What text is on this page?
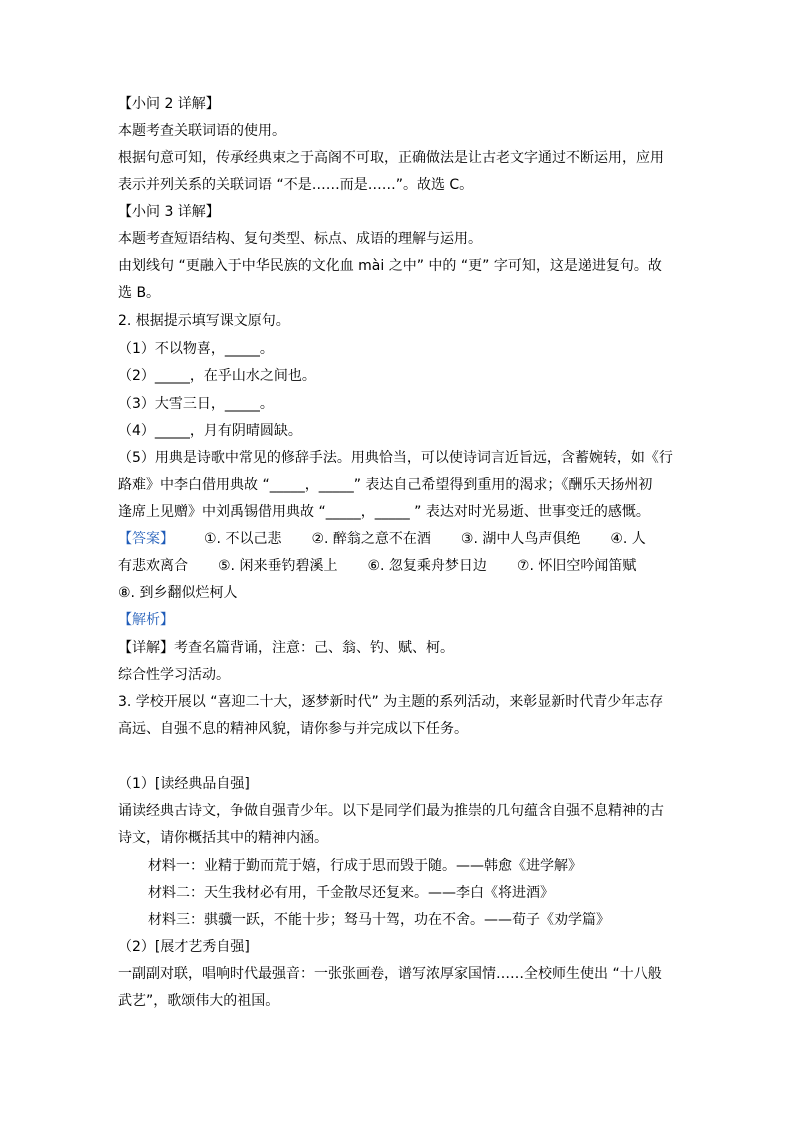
【小问 2 详解】
本题考查关联词语的使用。
根据句意可知，传承经典束之于高阁不可取，正确做法是让古老文字通过不断运用，应用
表示并列关系的关联词语 “不是……而是……”。故选 C。
【小问 3 详解】
本题考查短语结构、复句类型、标点、成语的理解与运用。
由划线句 “更融入于中华民族的文化血 mài 之中” 中的 “更” 字可知，这是递进复句。故
选 B。
2. 根据提示填写课文原句。
（1）不以物喜，_____。
（2）_____，在乎山水之间也。
（3）大雪三日，_____。
（4）_____，月有阴晴圆缺。
（5）用典是诗歌中常见的修辞手法。用典恰当，可以使诗词言近旨远，含蓄婉转，如《行
路难》中李白借用典故 “_____，_____” 表达自己希望得到重用的渴求；《酬乐天扬州初
逢席上见赠》中刘禹锡借用典故 “_____，_____ ” 表达对时光易逝、世事变迁的感慨。
【答案】 ①. 不以己悲 ②. 醉翁之意不在酒 ③. 湖中人鸟声俱绝 ④. 人
有悲欢离合 ⑤. 闲来垂钓碧溪上 ⑥. 忽复乘舟梦日边 ⑦. 怀旧空吟闻笛赋
⑧. 到乡翻似烂柯人
【解析】
【详解】考查名篇背诵，注意：己、翁、钓、赋、柯。
综合性学习活动。
3. 学校开展以 “喜迎二十大，逐梦新时代” 为主题的系列活动，来彰显新时代青少年志存
高远、自强不息的精神风貌，请你参与并完成以下任务。
（1）[读经典品自强]
诵读经典古诗文，争做自强青少年。以下是同学们最为推崇的几句蕴含自强不息精神的古
诗文，请你概括其中的精神内涵。
材料一：业精于勤而荒于嬉，行成于思而毁于随。——韩愈《进学解》
材料二：天生我材必有用，千金散尽还复来。——李白《将进酒》
材料三：骐骥一跃，不能十步；驽马十驾，功在不舍。——荀子《劝学篇》
（2）[展才艺秀自强]
一副副对联，唱响时代最强音：一张张画卷，谱写浓厚家国情……全校师生使出 “十八般
武艺”，歌颂伟大的祖国。
